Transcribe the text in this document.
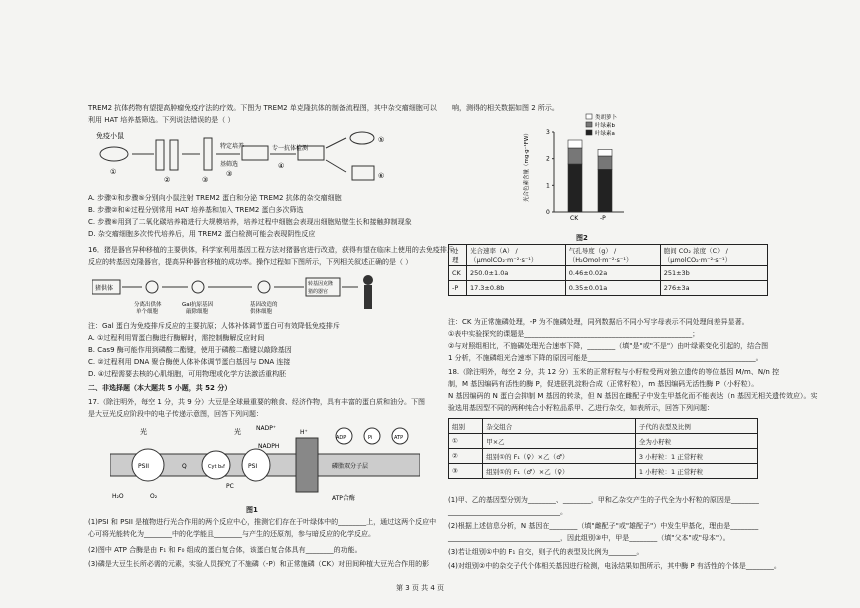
TREM2 抗体药物有望提高肿瘤免疫疗法的疗效。下图为 TREM2 单克隆抗体的制备流程图，其中杂交瘤细胞可以
利用 HAT 培养基筛选。下列说法错误的是（ ）
免疫小鼠
①
②	③
特定培养
基筛选
③
专一抗体检测
④
⑤
⑥
A. 步骤①和步骤⑤分别向小鼠注射 TREM2 蛋白和分泌 TREM2 抗体的杂交瘤细胞
B. 步骤②和④过程分别常用 HAT 培养基和加入 TREM2 蛋白多次筛选
C. 步骤⑥用到了二氧化碳培养箱进行大规模培养，培养过程中细胞会表现出细胞贴壁生长和接触抑制现象
D. 杂交瘤细胞多次传代培养后，用 TREM2 蛋白检测可能会表现阴性反应
16．猪是器官异种移植的主要供体，科学家利用基因工程方法对猪器官进行改造，获得有望在临床上使用的去免疫排斥
反应的转基因克隆器官，提高异种器官移植的成功率。操作过程如下图所示，下列相关叙述正确的是（ ）
猪供体
分离出供体
单个细胞
Gal抗原基因
敲除细胞
基因改造的
供体细胞
转基因克隆
猪的器官
注：Gal 蛋白为免疫排斥反应的主要抗原；人体补体调节蛋白可有效降低免疫排斥
A. ①过程利用胃蛋白酶进行酶解时，需控制酶解反应时间
B. Cas9 酶可能作用到磷酸二酯键，使用于磷酸二酯键以敲除基因
C. ②过程利用 DNA 聚合酶使人体补体调节蛋白基因与 DNA 连接
D. ④过程需要去核的心肌细胞，可用物理或化学方法激活重构胚
二、非选择题（本大题共 5 小题，共 52 分）
17.（除注明外，每空 1 分，共 9 分）大豆是全球最重要的粮食、经济作物，具有丰富的蛋白质和油分。下图
是大豆光反应阶段中的电子传递示意图，回答下列问题：
光	光	NADP⁺
NADPH
H⁺
ADP	Pi	ATP
PSII	Q	Cyt b₆f	PSI
PC
磷脂双分子层
ATP合酶
H₂O	O₂
图1
(1)PSI 和 PSII 是植物进行光合作用的两个反应中心，推测它们存在于叶绿体中的________上，通过这两个反应中
心可将光能转化为________中的化学能且________与产生的还原剂，参与暗反应的化学反应。
(2)图中 ATP 合酶是由 F₁ 和 F₀ 组成的蛋白复合体，该蛋白复合体具有________的功能。
(3)磷是大豆生长所必需的元素，实验人员探究了不施磷（-P）和正常施磷（CK）对田间种植大豆光合作用的影
第 3 页 共 4 页
响，测得的相关数据如图 2 所示。
0
1
2
3
CK	-P
类胡萝卜
叶绿素b
叶绿素a
光合色素含量（mg·g⁻¹FW）
图2
处理	光合速率（A） /（μmolCO₂·m⁻²·s⁻¹）	气孔导度（g） /（H₂Omol·m⁻²·s⁻¹）	胞间 CO₂ 浓度（C） /（μmolCO₂·m⁻²·s⁻¹）
CK	250.0±1.0a	0.46±0.02a	251±3b
-P	17.3±0.8b	0.35±0.01a	276±3a
注：CK 为正常施磷处理，-P 为不施磷处理，同列数据后不同小写字母表示不同处理间差异显著。
①表中实验探究的课题是________________________________________________；
②与对照组相比，不施磷处理光合速率下降，________（填"是"或"不是"）由叶绿素变化引起的，结合图
1 分析，不施磷组光合速率下降的原因可能是________________________________________________。
18.（除注明外，每空 2 分，共 12 分）玉米的正常籽粒与小籽粒受两对独立遗传的等位基因 M/m、N/n 控
制，M 基因编码有活性的酶 P，促进胚乳淀粉合成（正常籽粒），m 基因编码无活性酶 P（小籽粒）。
N 基因编码的 N 蛋白会抑制 M 基因的转录，但 N 基因在雌配子中发生甲基化而不能表达（n 基因无相关遗传效应）。实
验选用基因型不同的两种纯合小籽粒品系甲、乙进行杂交，如表所示，回答下列问题：
组别	杂交组合	子代的表型及比例
①	甲×乙	全为小籽粒
②	组别①的 F₁（♀）×乙（♂）	3 小籽粒：1 正常籽粒
③	组别①的 F₁（♂）×乙（♀）	1 小籽粒：1 正常籽粒
(1)甲、乙的基因型分别为________、________，甲和乙杂交产生的子代全为小籽粒的原因是________
________________________________。
(2)根据上述信息分析，N 基因在________（填"雌配子"或"雄配子"）中发生甲基化，理由是________
________________________________，因此组别③中，甲是________（填"父本"或"母本"）。
(3)若让组别①中的 F₁ 自交，则子代的表型及比例为________。
(4)对组别②中的杂交子代个体相关基因进行检测，电泳结果如图所示，其中酶 P 有活性的个体是________。
